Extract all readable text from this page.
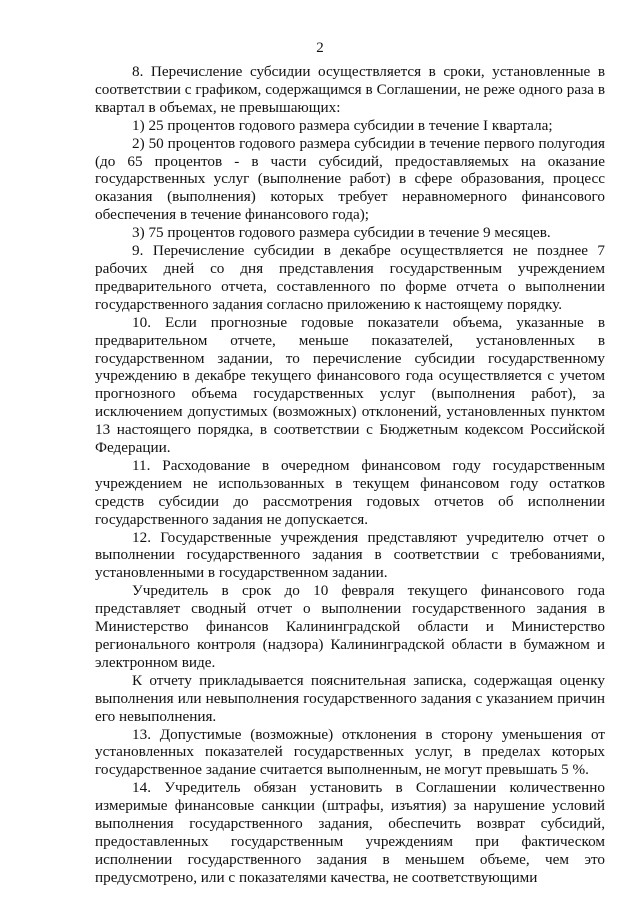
2

8. Перечисление субсидии осуществляется в сроки, установленные в соответствии с графиком, содержащимся в Соглашении, не реже одного раза в квартал в объемах, не превышающих:

1) 25 процентов годового размера субсидии в течение I квартала;

2) 50 процентов годового размера субсидии в течение первого полугодия (до 65 процентов - в части субсидий, предоставляемых на оказание государственных услуг (выполнение работ) в сфере образования, процесс оказания (выполнения) которых требует неравномерного финансового обеспечения в течение финансового года);

3) 75 процентов годового размера субсидии в течение 9 месяцев.

9. Перечисление субсидии в декабре осуществляется не позднее 7 рабочих дней со дня представления государственным учреждением предварительного отчета, составленного по форме отчета о выполнении государственного задания согласно приложению к настоящему порядку.

10. Если прогнозные годовые показатели объема, указанные в предварительном отчете, меньше показателей, установленных в государственном задании, то перечисление субсидии государственному учреждению в декабре текущего финансового года осуществляется с учетом прогнозного объема государственных услуг (выполнения работ), за исключением допустимых (возможных) отклонений, установленных пунктом 13 настоящего порядка, в соответствии с Бюджетным кодексом Российской Федерации.

11. Расходование в очередном финансовом году государственным учреждением не использованных в текущем финансовом году остатков средств субсидии до рассмотрения годовых отчетов об исполнении государственного задания не допускается.

12. Государственные учреждения представляют учредителю отчет о выполнении государственного задания в соответствии с требованиями, установленными в государственном задании.

Учредитель в срок до 10 февраля текущего финансового года представляет сводный отчет о выполнении государственного задания в Министерство финансов Калининградской области и Министерство регионального контроля (надзора) Калининградской области в бумажном и электронном виде.

К отчету прикладывается пояснительная записка, содержащая оценку выполнения или невыполнения государственного задания с указанием причин его невыполнения.

13. Допустимые (возможные) отклонения в сторону уменьшения от установленных показателей государственных услуг, в пределах которых государственное задание считается выполненным, не могут превышать 5 %.

14. Учредитель обязан установить в Соглашении количественно измеримые финансовые санкции (штрафы, изъятия) за нарушение условий выполнения государственного задания, обеспечить возврат субсидий, предоставленных государственным учреждениям при фактическом исполнении государственного задания в меньшем объеме, чем это предусмотрено, или с показателями качества, не соответствующими
